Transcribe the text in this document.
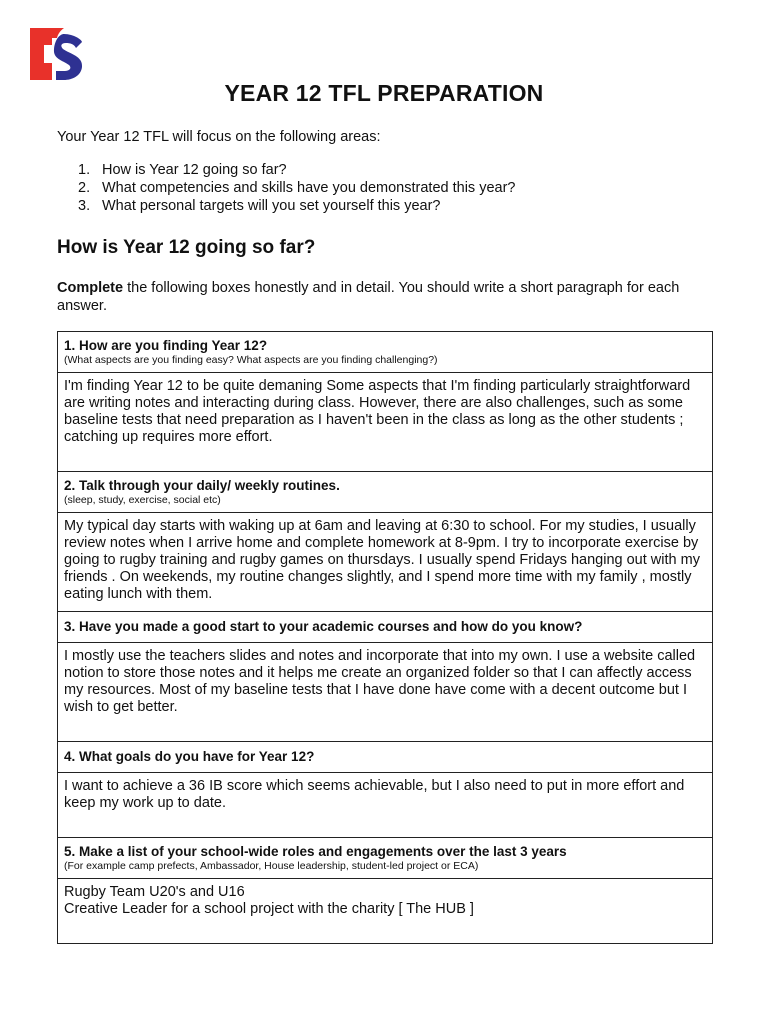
YEAR 12 TFL PREPARATION

Your Year 12 TFL will focus on the following areas:

1. How is Year 12 going so far?
2. What competencies and skills have you demonstrated this year?
3. What personal targets will you set yourself this year?
How is Year 12 going so far?

Complete the following boxes honestly and in detail. You should write a short paragraph for each answer.

1. How are you finding Year 12?
(What aspects are you finding easy? What aspects are you finding challenging?)
I'm finding Year 12 to be quite demaning Some aspects that I'm finding particularly straightforward are writing notes and interacting during class. However, there are also challenges, such as some baseline tests that need preparation as I haven't been in the class as long as the other students ; catching up requires more effort.
2. Talk through your daily/ weekly routines.
(sleep, study, exercise, social etc)
My typical day starts with waking up at 6am and leaving at 6:30 to school. For my studies, I usually review notes when I arrive home and complete homework at 8-9pm. I try to incorporate exercise by going to rugby training and rugby games on thursdays. I usually spend Fridays hanging out with my friends . On weekends, my routine changes slightly, and I spend more time with my family , mostly eating lunch with them.
3. Have you made a good start to your academic courses and how do you know?
I mostly use the teachers slides and notes and incorporate that into my own. I use a website called notion to store those notes and it helps me create an organized folder so that I can affectly access my resources. Most of my baseline tests that I have done have come with a decent outcome but I wish to get better.
4. What goals do you have for Year 12?
I want to achieve a 36 IB score which seems achievable, but I also need to put in more effort and keep my work up to date.
5. Make a list of your school-wide roles and engagements over the last 3 years
(For example camp prefects, Ambassador, House leadership, student-led project or ECA)
Rugby Team U20's and U16
Creative Leader for a school project with the charity [ The HUB ]
